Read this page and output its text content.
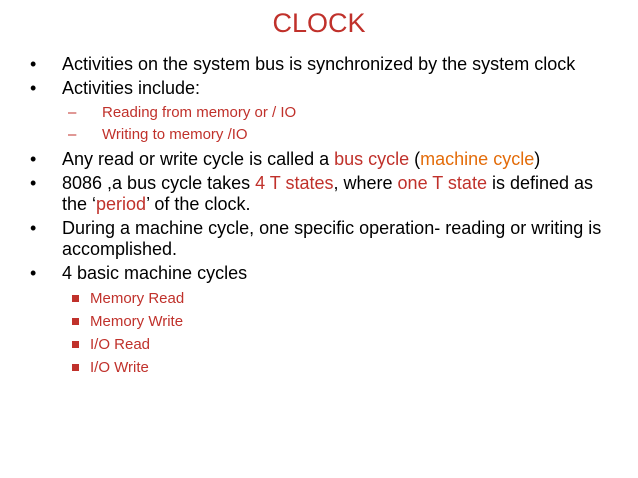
CLOCK
• Activities on the system bus is synchronized by the system clock
• Activities include:
– Reading from memory or / IO
– Writing to memory /IO
• Any read or write cycle is called a bus cycle (machine cycle)
• 8086 ,a bus cycle takes 4 T states, where one T state is defined as the ‘period’ of the clock.
• During a machine cycle, one specific operation- reading or writing is accomplished.
• 4 basic machine cycles
Memory Read
Memory Write
I/O Read
I/O Write
